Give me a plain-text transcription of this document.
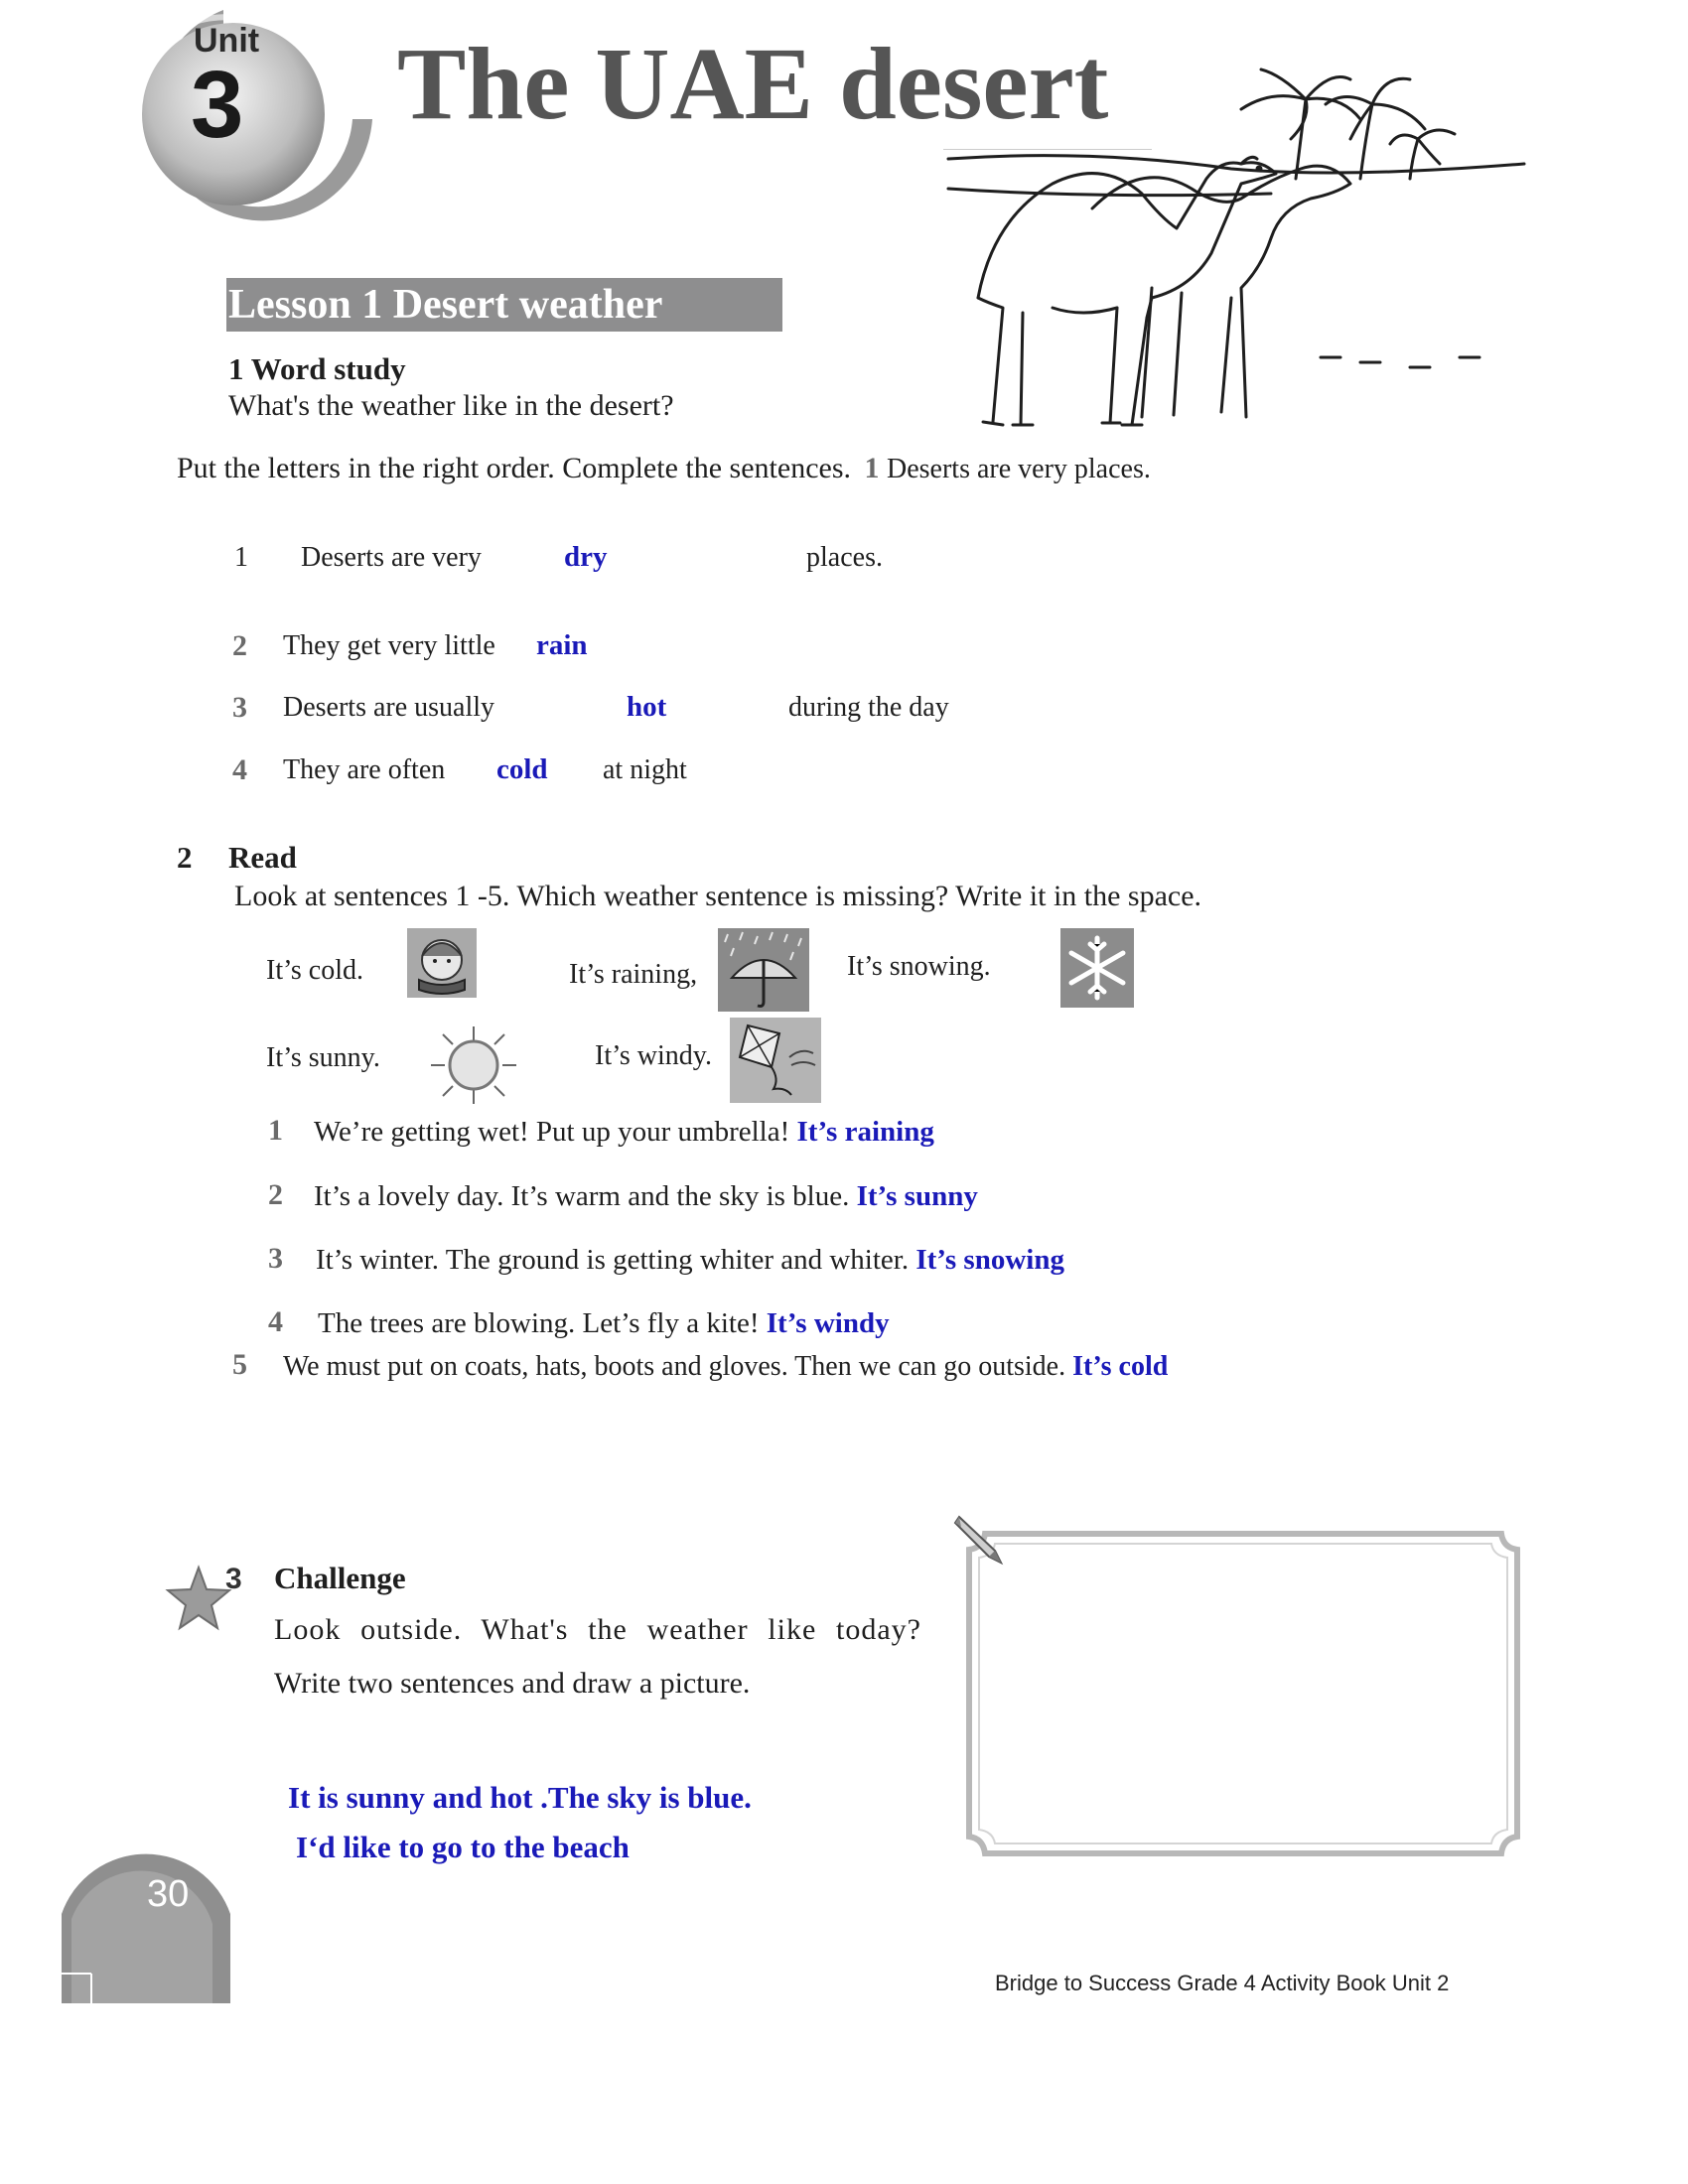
Unit
3 The UAE desert
Lesson 1 Desert weather
1 Word study
What's the weather like in the desert?
Put the letters in the right order. Complete the sentences. 1 Deserts are very places.
1 Deserts are very	dry	places.
2 They get very little rain
3 Deserts are usually	hot	during the day
4 They are often cold at night
2 Read
Look at sentences 1 -5. Which weather sentence is missing? Write it in the space.
It’s cold.	It’s raining,	It’s snowing.
It’s sunny.	It’s windy.
1 We’re getting wet! Put up your umbrella! It’s raining
2 It’s a lovely day. It’s warm and the sky is blue. It’s sunny
3 It’s winter. The ground is getting whiter and whiter. It’s snowing
4 The trees are blowing. Let’s fly a kite! It’s windy
5 We must put on coats, hats, boots and gloves. Then we can go outside. It’s cold
3 Challenge
Look outside. What's the weather like today?
Write two sentences and draw a picture.
It is sunny and hot .The sky is blue.
I‘d like to go to the beach
30
Bridge to Success Grade 4 Activity Book Unit 2
